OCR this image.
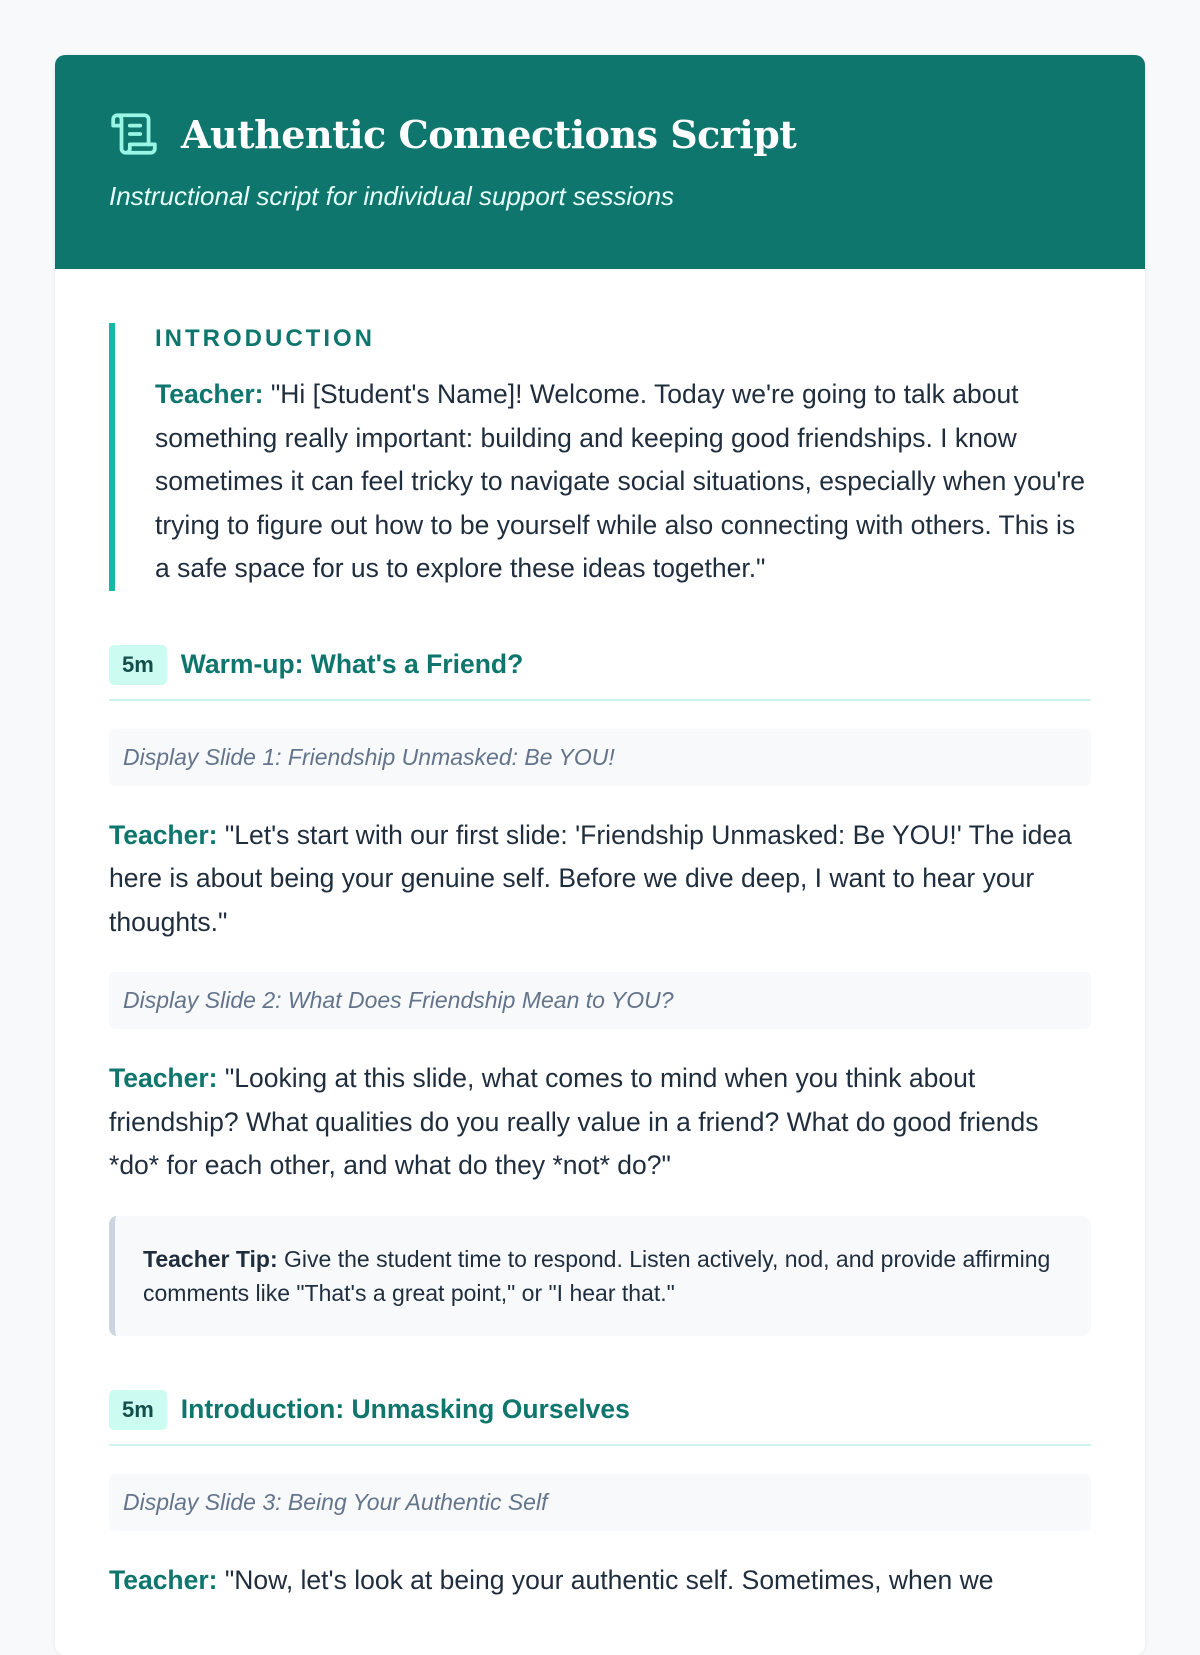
Authentic Connections Script
Instructional script for individual support sessions
INTRODUCTION

Teacher: "Hi [Student's Name]! Welcome. Today we're going to talk about something really important: building and keeping good friendships. I know sometimes it can feel tricky to navigate social situations, especially when you're trying to figure out how to be yourself while also connecting with others. This is a safe space for us to explore these ideas together."

5m	Warm-up: What's a Friend?
Display Slide 1: Friendship Unmasked: Be YOU!

Teacher: "Let's start with our first slide: 'Friendship Unmasked: Be YOU!' The idea here is about being your genuine self. Before we dive deep, I want to hear your thoughts."

Display Slide 2: What Does Friendship Mean to YOU?

Teacher: "Looking at this slide, what comes to mind when you think about friendship? What qualities do you really value in a friend? What do good friends *do* for each other, and what do they *not* do?"

Teacher Tip: Give the student time to respond. Listen actively, nod, and provide affirming comments like "That's a great point," or "I hear that."
5m	Introduction: Unmasking Ourselves
Display Slide 3: Being Your Authentic Self

Teacher: "Now, let's look at being your authentic self. Sometimes, when we
